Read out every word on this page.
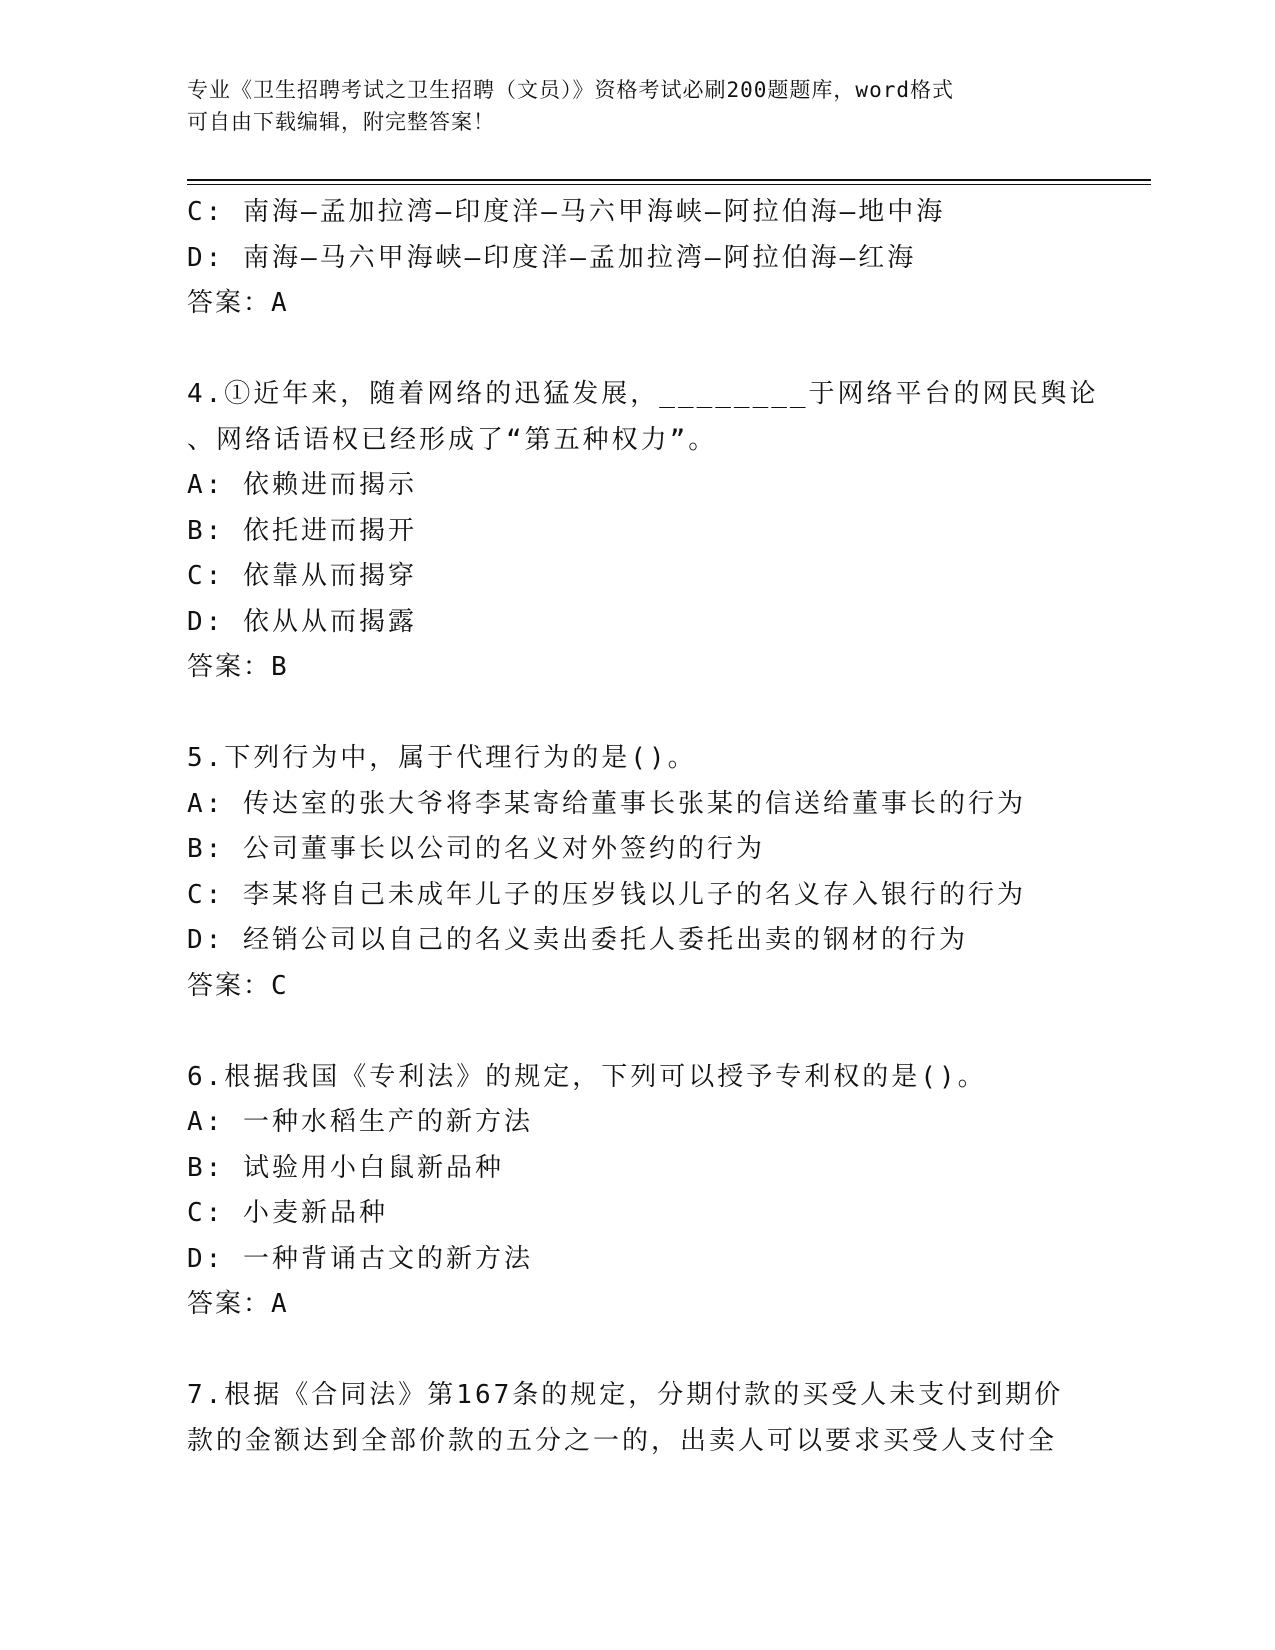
专业《卫生招聘考试之卫生招聘（文员）》资格考试必刷200题题库，word格式
可自由下载编辑，附完整答案！
C: 南海—孟加拉湾—印度洋—马六甲海峡—阿拉伯海—地中海
D: 南海—马六甲海峡—印度洋—孟加拉湾—阿拉伯海—红海
答案：A
4.①近年来，随着网络的迅猛发展，________于网络平台的网民舆论
、网络话语权已经形成了“第五种权力”。
A: 依赖进而揭示
B: 依托进而揭开
C: 依靠从而揭穿
D: 依从从而揭露
答案：B
5.下列行为中，属于代理行为的是()。
A: 传达室的张大爷将李某寄给董事长张某的信送给董事长的行为
B: 公司董事长以公司的名义对外签约的行为
C: 李某将自己未成年儿子的压岁钱以儿子的名义存入银行的行为
D: 经销公司以自己的名义卖出委托人委托出卖的钢材的行为
答案：C
6.根据我国《专利法》的规定，下列可以授予专利权的是()。
A: 一种水稻生产的新方法
B: 试验用小白鼠新品种
C: 小麦新品种
D: 一种背诵古文的新方法
答案：A
7.根据《合同法》第167条的规定，分期付款的买受人未支付到期价
款的金额达到全部价款的五分之一的，出卖人可以要求买受人支付全
